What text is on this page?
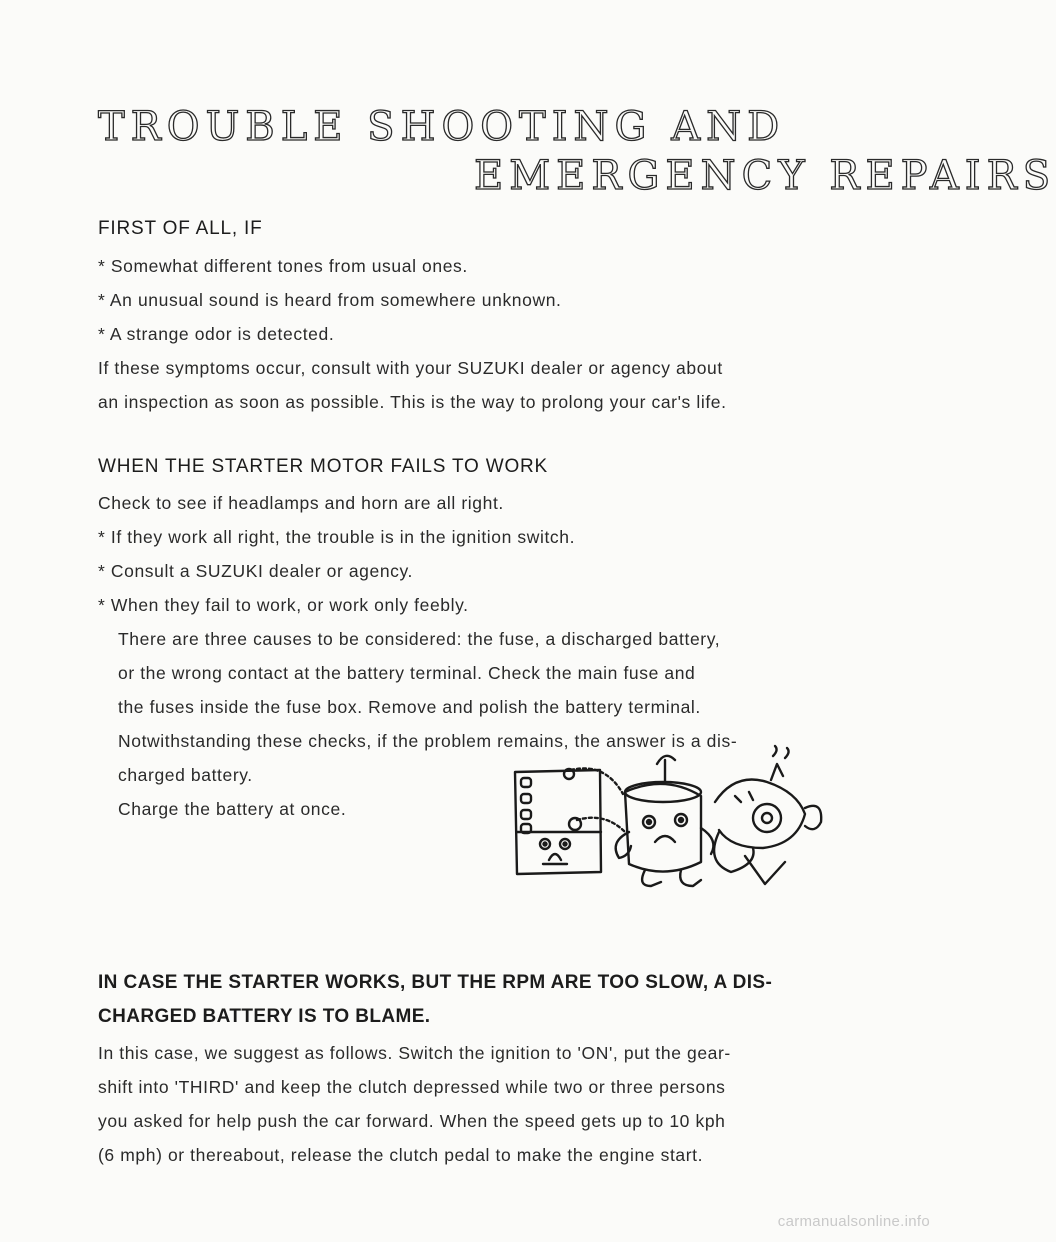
TROUBLE SHOOTING AND
EMERGENCY REPAIRS
FIRST OF ALL, IF

* Somewhat different tones from usual ones.

* An unusual sound is heard from somewhere unknown.

* A strange odor is detected.

If these symptoms occur, consult with your SUZUKI dealer or agency about

an inspection as soon as possible. This is the way to prolong your car's life.

WHEN THE STARTER MOTOR FAILS TO WORK

Check to see if headlamps and horn are all right.

* If they work all right, the trouble is in the ignition switch.

* Consult a SUZUKI dealer or agency.

* When they fail to work, or work only feebly.

There are three causes to be considered: the fuse, a discharged battery,

or the wrong contact at the battery terminal. Check the main fuse and

the fuses inside the fuse box. Remove and polish the battery terminal.

Notwithstanding these checks, if the problem remains, the answer is a dis-

charged battery.

Charge the battery at once.

IN CASE THE STARTER WORKS, BUT THE RPM ARE TOO SLOW, A DIS-
CHARGED BATTERY IS TO BLAME.

In this case, we suggest as follows. Switch the ignition to 'ON', put the gear-

shift into 'THIRD' and keep the clutch depressed while two or three persons

you asked for help push the car forward. When the speed gets up to 10 kph

(6 mph) or thereabout, release the clutch pedal to make the engine start.

carmanualsonline.info
